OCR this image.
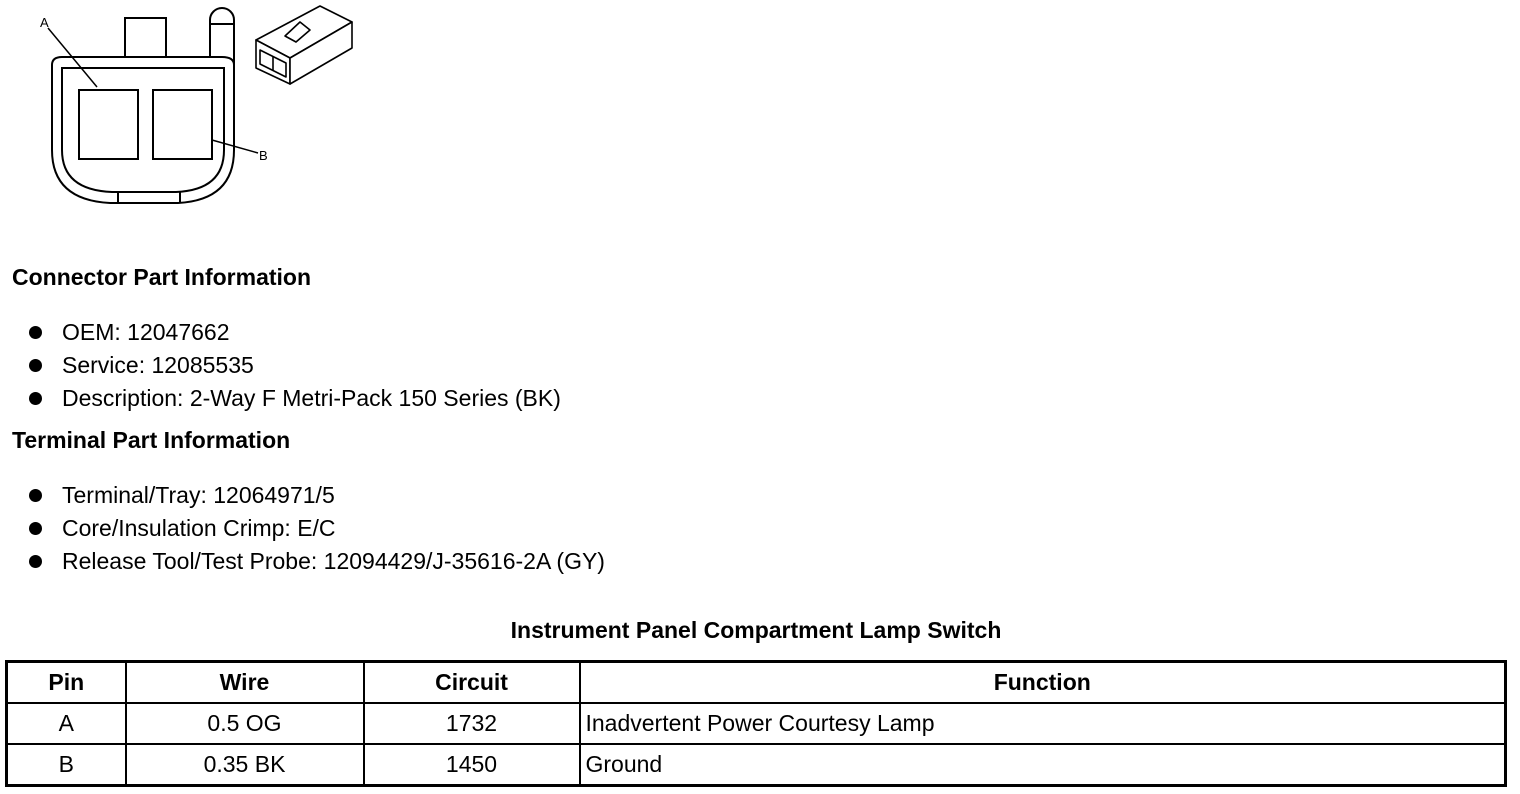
A
B
Connector Part Information
OEM: 12047662
Service: 12085535
Description: 2-Way F Metri-Pack 150 Series (BK)
Terminal Part Information
Terminal/Tray: 12064971/5
Core/Insulation Crimp: E/C
Release Tool/Test Probe: 12094429/J-35616-2A (GY)
Instrument Panel Compartment Lamp Switch
Pin	Wire	Circuit	Function
A	0.5 OG	1732	Inadvertent Power Courtesy Lamp
B	0.35 BK	1450	Ground
